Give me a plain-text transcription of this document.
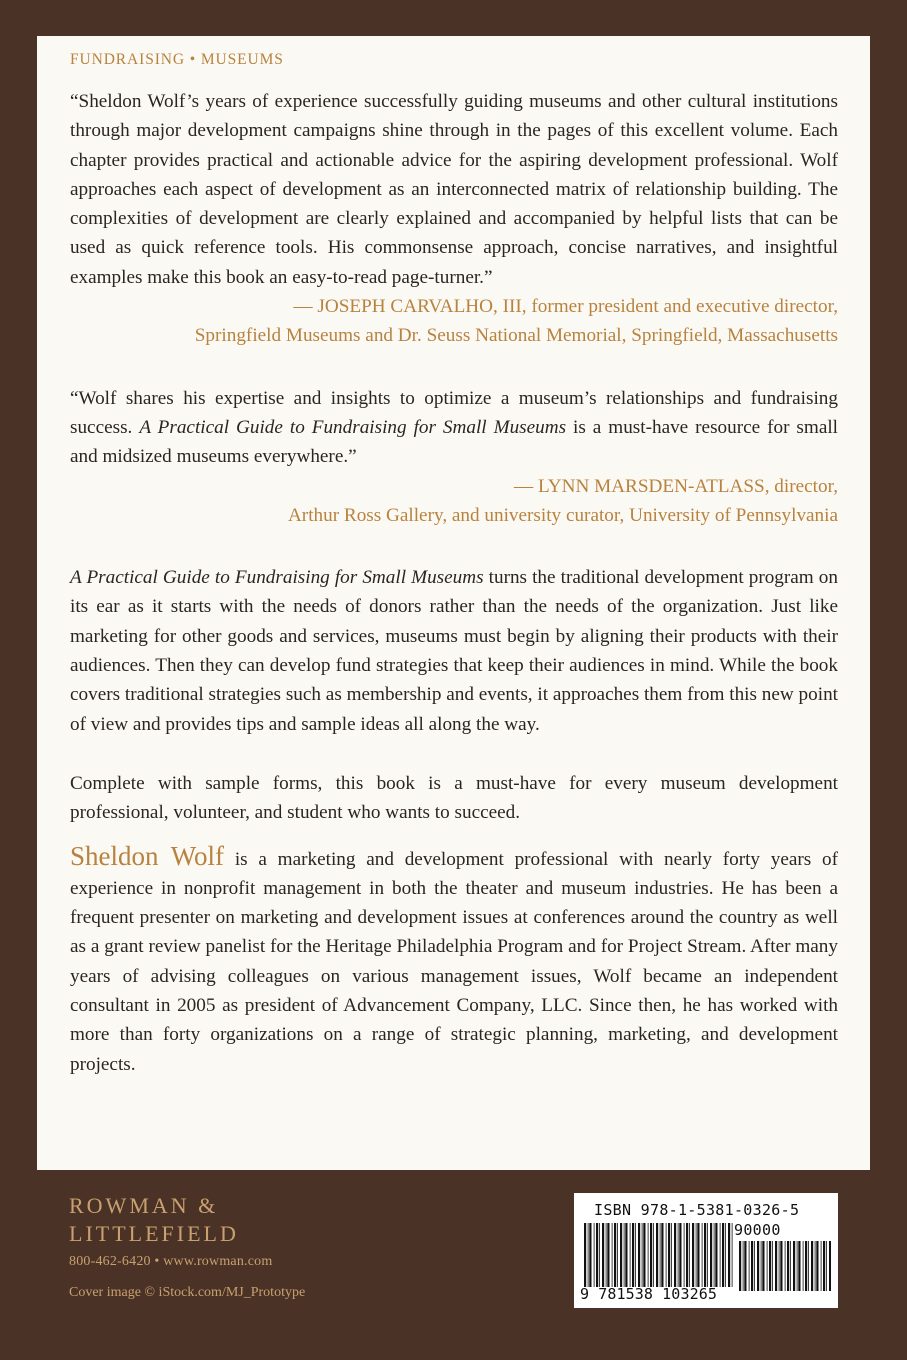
FUNDRAISING • MUSEUMS

“Sheldon Wolf’s years of experience successfully guiding museums and other cultural institutions through major development campaigns shine through in the pages of this excellent volume. Each chapter provides practical and actionable advice for the aspiring development professional. Wolf approaches each aspect of development as an interconnected matrix of relationship building. The complexities of development are clearly explained and accompanied by helpful lists that can be used as quick reference tools. His commonsense approach, concise narratives, and insightful examples make this book an easy-to-read page-turner.”

— JOSEPH CARVALHO, III, former president and executive director,
Springfield Museums and Dr. Seuss National Memorial, Springfield, Massachusetts

“Wolf shares his expertise and insights to optimize a museum’s relationships and fundraising success. A Practical Guide to Fundraising for Small Museums is a must-have resource for small and midsized museums everywhere.”

— LYNN MARSDEN-ATLASS, director,
Arthur Ross Gallery, and university curator, University of Pennsylvania

A Practical Guide to Fundraising for Small Museums turns the traditional development program on its ear as it starts with the needs of donors rather than the needs of the organization. Just like marketing for other goods and services, museums must begin by aligning their products with their audiences. Then they can develop fund strategies that keep their audiences in mind. While the book covers traditional strategies such as membership and events, it approaches them from this new point of view and provides tips and sample ideas all along the way.

Complete with sample forms, this book is a must-have for every museum development professional, volunteer, and student who wants to succeed.

Sheldon Wolf is a marketing and development professional with nearly forty years of experience in nonprofit management in both the theater and museum industries. He has been a frequent presenter on marketing and development issues at conferences around the country as well as a grant review panelist for the Heritage Philadelphia Program and for Project Stream. After many years of advising colleagues on various management issues, Wolf became an independent consultant in 2005 as president of Advancement Company, LLC. Since then, he has worked with more than forty organizations on a range of strategic planning, marketing, and development projects.

ROWMAN &
LITTLEFIELD
800-462-6420 • www.rowman.com
Cover image © iStock.com/MJ_Prototype
ISBN 978-1-5381-0326-5
90000
9 781538 103265
